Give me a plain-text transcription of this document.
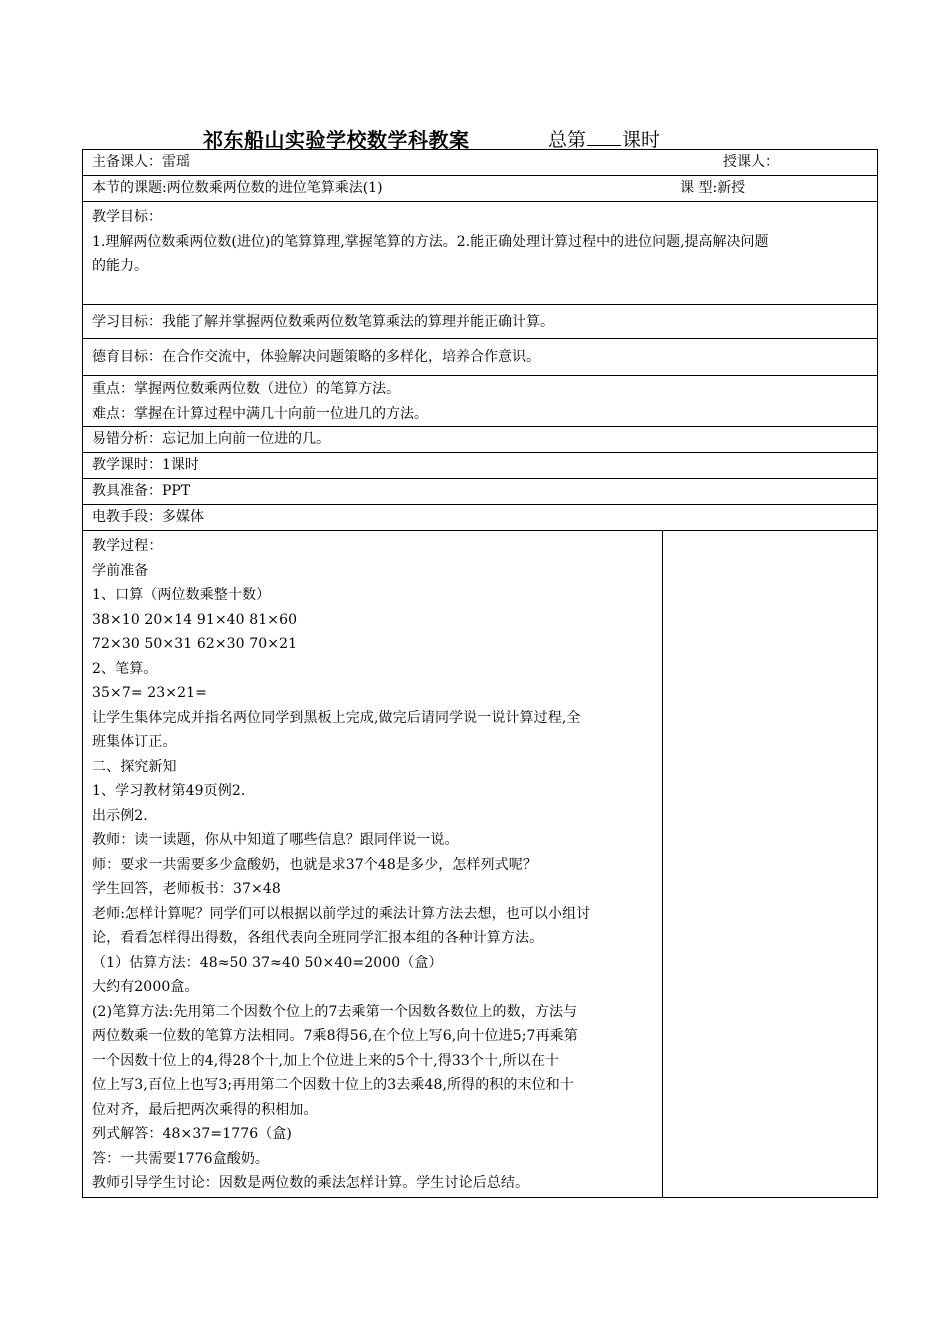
祁东船山实验学校数学科教案	总第 课时
主备课人：雷瑶	授课人：
本节的课题:两位数乘两位数的进位笔算乘法(1)	课 型:新授
教学目标：
1.理解两位数乘两位数(进位)的笔算算理,掌握笔算的方法。2.能正确处理计算过程中的进位问题,提高解决问题
的能力。
学习目标：我能了解并掌握两位数乘两位数笔算乘法的算理并能正确计算。
德育目标：在合作交流中，体验解决问题策略的多样化，培养合作意识。
重点：掌握两位数乘两位数（进位）的笔算方法。
难点：掌握在计算过程中满几十向前一位进几的方法。
易错分析：忘记加上向前一位进的几。
教学课时：1课时
教具准备：PPT
电教手段：多媒体
教学过程：
学前准备
1、口算（两位数乘整十数）
38×10 20×14 91×40 81×60
72×30 50×31 62×30 70×21
2、笔算。
35×7= 23×21=
让学生集体完成并指名两位同学到黑板上完成,做完后请同学说一说计算过程,全
班集体订正。
二、探究新知
1、学习教材第49页例2.
出示例2.
教师：读一读题，你从中知道了哪些信息？跟同伴说一说。
师：要求一共需要多少盒酸奶，也就是求37个48是多少，怎样列式呢？
学生回答，老师板书：37×48
老师:怎样计算呢？同学们可以根据以前学过的乘法计算方法去想，也可以小组讨
论，看看怎样得出得数，各组代表向全班同学汇报本组的各种计算方法。
（1）估算方法：48≈50 37≈40 50×40=2000（盒）
大约有2000盒。
(2)笔算方法:先用第二个因数个位上的7去乘第一个因数各数位上的数，方法与
两位数乘一位数的笔算方法相同。7乘8得56,在个位上写6,向十位进5;7再乘第
一个因数十位上的4,得28个十,加上个位进上来的5个十,得33个十,所以在十
位上写3,百位上也写3;再用第二个因数十位上的3去乘48,所得的积的末位和十
位对齐，最后把两次乘得的积相加。
列式解答：48×37=1776（盒)
答：一共需要1776盒酸奶。
教师引导学生讨论：因数是两位数的乘法怎样计算。学生讨论后总结。
